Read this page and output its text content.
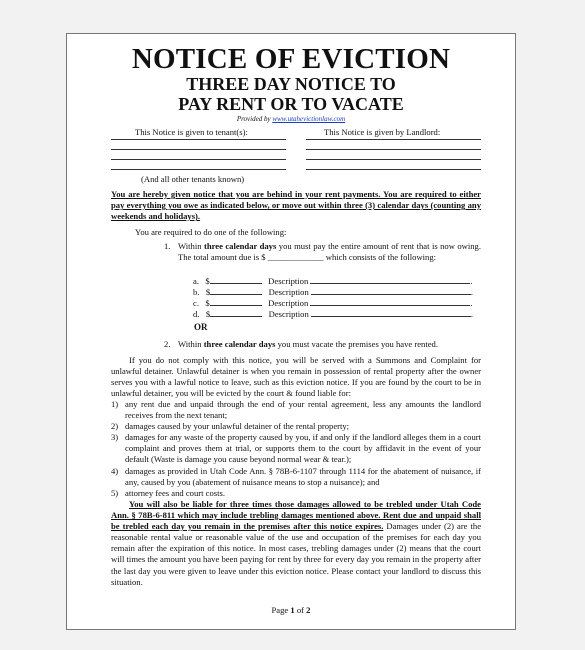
NOTICE OF EVICTION
THREE DAY NOTICE TO
PAY RENT OR TO VACATE
Provided by www.utahevictionlaw.com
This Notice is given to tenant(s):	This Notice is given by Landlord:
(And all other tenants known)
You are hereby given notice that you are behind in your rent payments. You are required to either pay everything you owe as indicated below, or move out within three (3) calendar days (counting any weekends and holidays).
You are required to do one of the following:
1. Within three calendar days you must pay the entire amount of rent that is now owing. The total amount due is $ _____________ which consists of the following:
a. $	Description	.
b. $	Description	.
c. $	Description	.
d. $	Description	.
OR
2. Within three calendar days you must vacate the premises you have rented.
If you do not comply with this notice, you will be served with a Summons and Complaint for unlawful detainer. Unlawful detainer is when you remain in possession of rental property after the owner serves you with a lawful notice to leave, such as this eviction notice. If you are found by the court to be in unlawful detainer, you will be evicted by the court & found liable for:
1) any rent due and unpaid through the end of your rental agreement, less any amounts the landlord receives from the next tenant;
2) damages caused by your unlawful detainer of the rental property;
3) damages for any waste of the property caused by you, if and only if the landlord alleges them in a court complaint and proves them at trial, or supports them to the court by affidavit in the event of your default (Waste is damage you cause beyond normal wear & tear.);
4) damages as provided in Utah Code Ann. § 78B-6-1107 through 1114 for the abatement of nuisance, if any, caused by you (abatement of nuisance means to stop a nuisance); and
5) attorney fees and court costs.
You will also be liable for three times those damages allowed to be trebled under Utah Code Ann. § 78B-6-811 which may include trebling damages mentioned above. Rent due and unpaid shall be trebled each day you remain in the premises after this notice expires. Damages under (2) are the reasonable rental value or reasonable value of the use and occupation of the premises for each day you remain after the expiration of this notice. In most cases, trebling damages under (2) means that the court will times the amount you have been paying for rent by three for every day you remain in the property after the last day you were given to leave under this eviction notice. Please contact your landlord to discuss this situation.
Page 1 of 2
